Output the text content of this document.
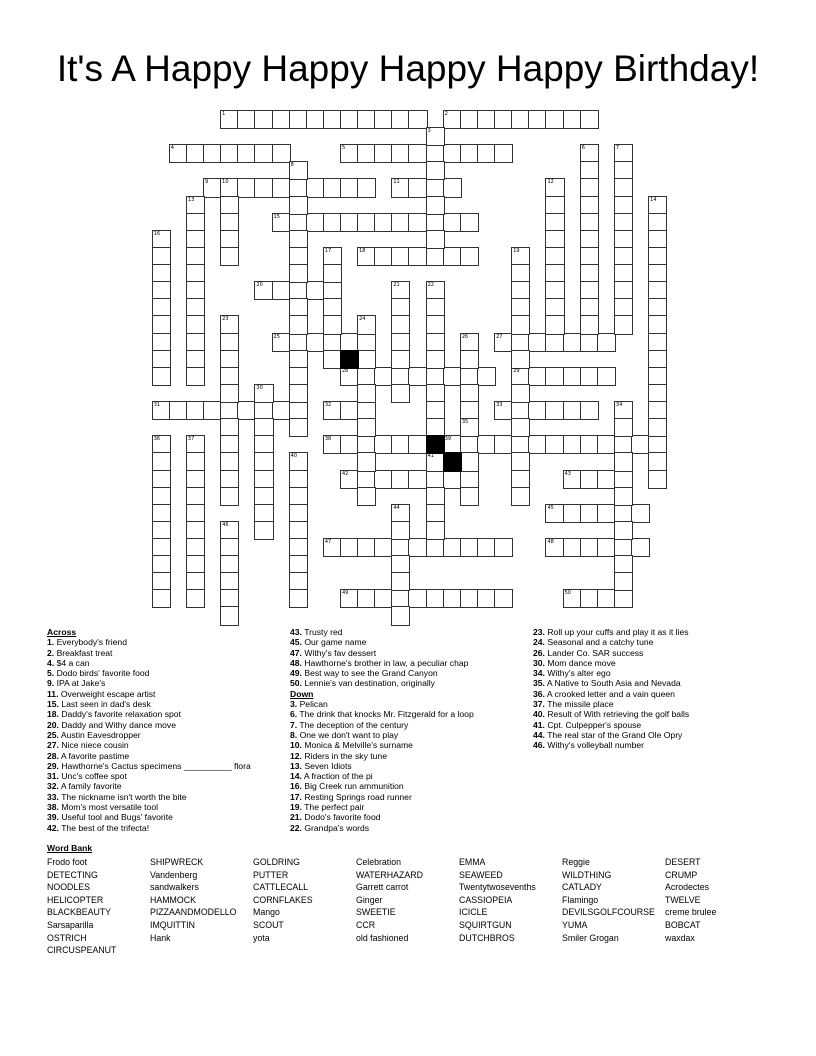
It's A Happy Happy Happy Happy Birthday!
1	2
4	5
9	11
15
18
20
25	27
28	29
31	32	33
38	39
42	43
45
47	48
49	50
3
6	7
8
10	12
13	14
16
17	19
21	22
23	24
26
30
34
35
36	37
40	41
44
46
Across
1. Everybody's friend
2. Breakfast treat
4. $4 a can
5. Dodo birds' favorite food
9. IPA at Jake's
11. Overweight escape artist
15. Last seen in dad's desk
18. Daddy's favorite relaxation spot
20. Daddy and Withy dance move
25. Austin Eavesdropper
27. Nice niece cousin
28. A favorite pastime
29. Hawthorne's Cactus specimens __________ flora
31. Unc's coffee spot
32. A family favorite
33. The nickname isn't worth the bite
38. Mom's most versatile tool
39. Useful tool and Bugs' favorite
42. The best of the trifecta!
43. Trusty red
45. Our game name
47. Withy's fav dessert
48. Hawthorne's brother in law, a peculiar chap
49. Best way to see the Grand Canyon
50. Lennie's van destination, originally
Down
3. Pelican
6. The drink that knocks Mr. Fitzgerald for a loop
7. The deception of the century
8. One we don't want to play
10. Monica & Melville's surname
12. Riders in the sky tune
13. Seven Idiots
14. A fraction of the pi
16. Big Creek run ammunition
17. Resting Springs road runner
19. The perfect pair
21. Dodo's favorite food
22. Grandpa's words
23. Roll up your cuffs and play it as it lies
24. Seasonal and a catchy tune
26. Lander Co. SAR success
30. Mom dance move
34. Withy's alter ego
35. A Native to South Asia and Nevada
36. A crooked letter and a vain queen
37. The missile place
40. Result of With retrieving the golf balls
41. Cpt. Culpepper's spouse
44. The real star of the Grand Ole Opry
46. Withy's volleyball number
Word Bank
Frodo foot	SHIPWRECK	GOLDRING	Celebration	EMMA	Reggie	DESERT
DETECTING	Vandenberg	PUTTER	WATERHAZARD	SEAWEED	WILDTHING	CRUMP
NOODLES	sandwalkers	CATTLECALL	Garrett carrot	Twentytwosevenths	CATLADY	Acrodectes
HELICOPTER	HAMMOCK	CORNFLAKES	Ginger	CASSIOPEIA	Flamingo	TWELVE
BLACKBEAUTY	PIZZAANDMODELLO	Mango	SWEETIE	ICICLE	DEVILSGOLFCOURSE	creme brulee
Sarsaparilla	IMQUITTIN	SCOUT	CCR	SQUIRTGUN	YUMA	BOBCAT
OSTRICH	Hank	yota	old fashioned	DUTCHBROS	Smiler Grogan	waxdax
CIRCUSPEANUT
